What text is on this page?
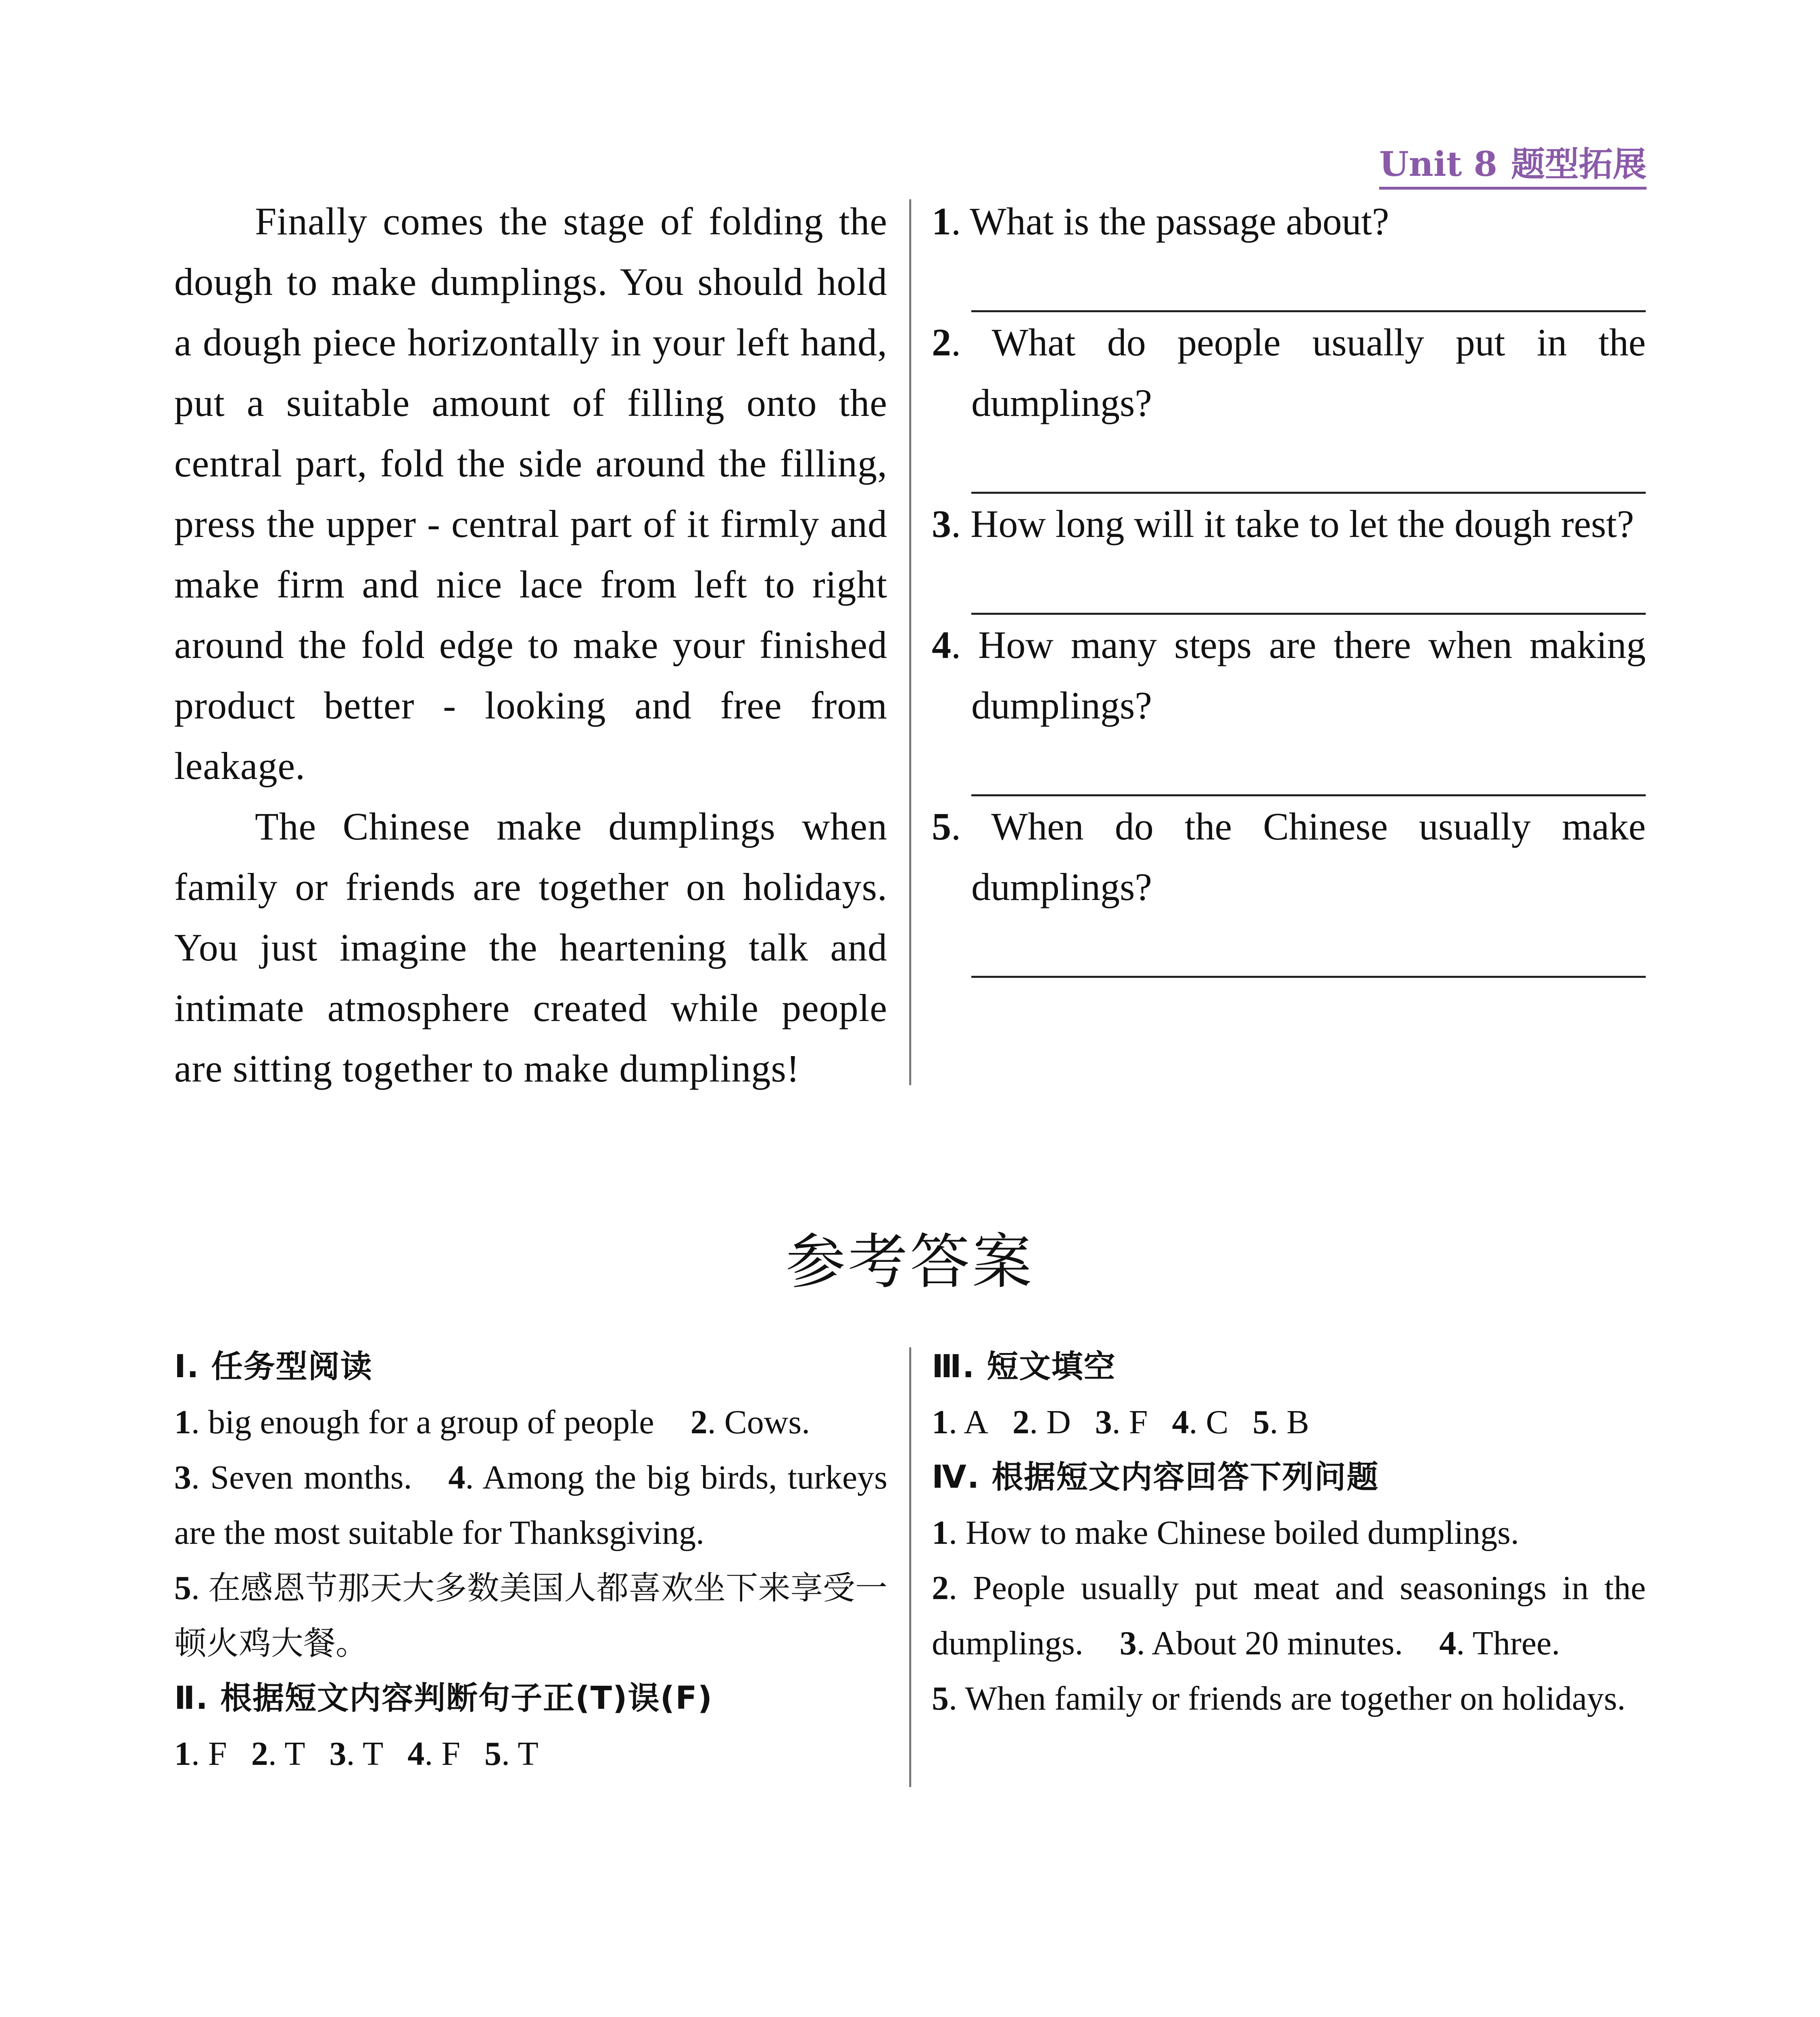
Unit 8 题型拓展

Finally comes the stage of folding the dough to make dumplings. You should hold a dough piece horizontally in your left hand, put a suitable amount of filling onto the central part, fold the side around the filling, press the upper - central part of it firmly and make firm and nice lace from left to right around the fold edge to make your finished product better - looking and free from leakage.

The Chinese make dumplings when family or friends are together on holidays. You just imagine the heartening talk and intimate atmosphere created while people are sitting together to make dumplings!

1. What is the passage about?
2. What do people usually put in the dumplings?
3. How long will it take to let the dough rest?
4. How many steps are there when making dumplings?
5. When do the Chinese usually make dumplings?
参考答案
Ⅰ. 任务型阅读
1. big enough for a group of people 2. Cows.
3. Seven months. 4. Among the big birds, turkeys are the most suitable for Thanksgiving.
5. 在感恩节那天大多数美国人都喜欢坐下来享受一顿火鸡大餐。
Ⅱ. 根据短文内容判断句子正(T)误(F)
1. F 2. T 3. T 4. F 5. T
Ⅲ. 短文填空
1. A 2. D 3. F 4. C 5. B
Ⅳ. 根据短文内容回答下列问题
1. How to make Chinese boiled dumplings.
2. People usually put meat and seasonings in the dumplings. 3. About 20 minutes. 4. Three.
5. When family or friends are together on holidays.
